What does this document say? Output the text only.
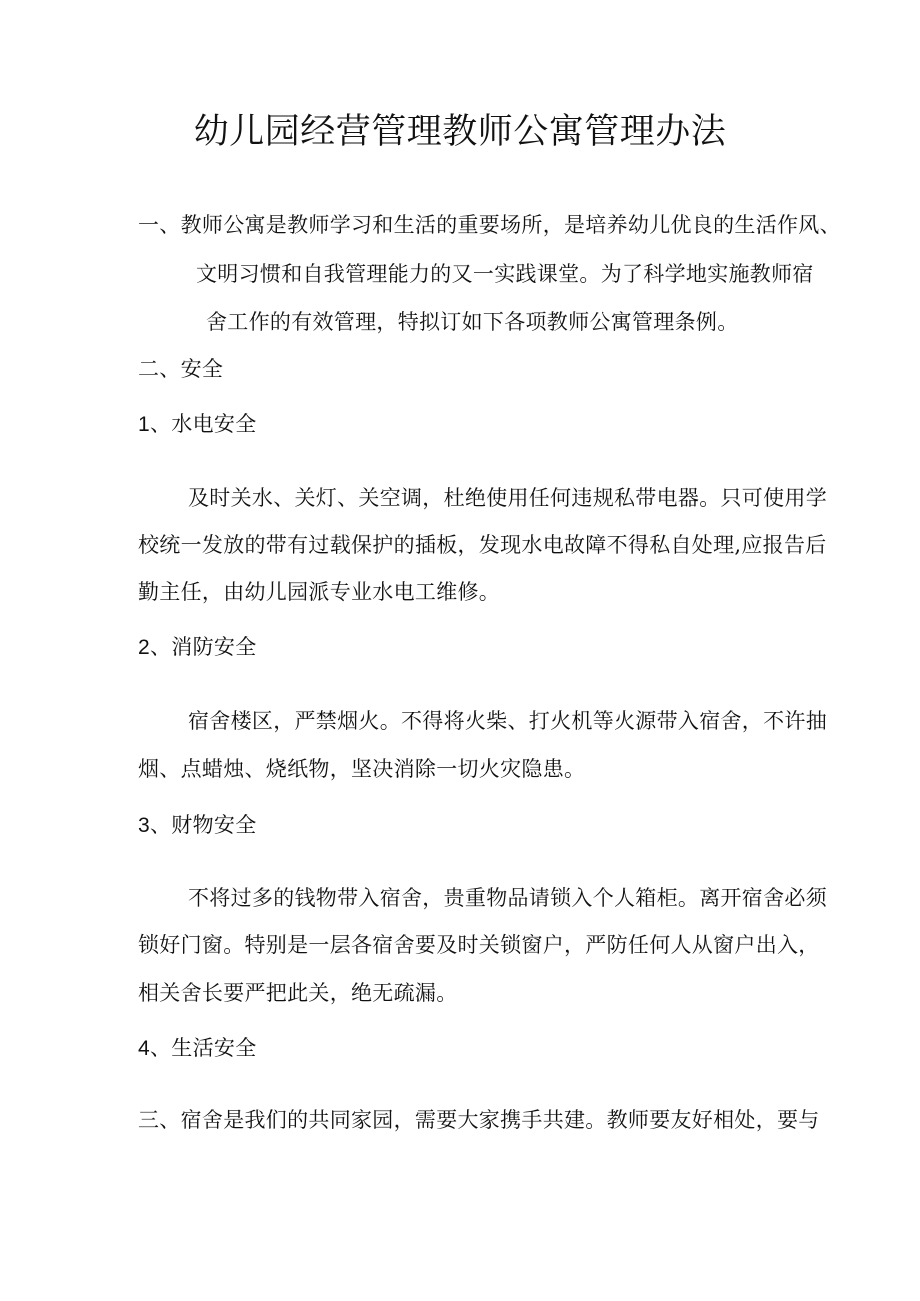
幼儿园经营管理教师公寓管理办法
一、教师公寓是教师学习和生活的重要场所，是培养幼儿优良的生活作风、
文明习惯和自我管理能力的又一实践课堂。为了科学地实施教师宿
舍工作的有效管理，特拟订如下各项教师公寓管理条例。
二、安全
1、水电安全
及时关水、关灯、关空调，杜绝使用任何违规私带电器。只可使用学
校统一发放的带有过载保护的插板，发现水电故障不得私自处理,应报告后
勤主任，由幼儿园派专业水电工维修。
2、消防安全
宿舍楼区，严禁烟火。不得将火柴、打火机等火源带入宿舍，不许抽
烟、点蜡烛、烧纸物，坚决消除一切火灾隐患。
3、财物安全
不将过多的钱物带入宿舍，贵重物品请锁入个人箱柜。离开宿舍必须
锁好门窗。特别是一层各宿舍要及时关锁窗户，严防任何人从窗户出入，
相关舍长要严把此关，绝无疏漏。
4、生活安全
三、宿舍是我们的共同家园，需要大家携手共建。教师要友好相处，要与
